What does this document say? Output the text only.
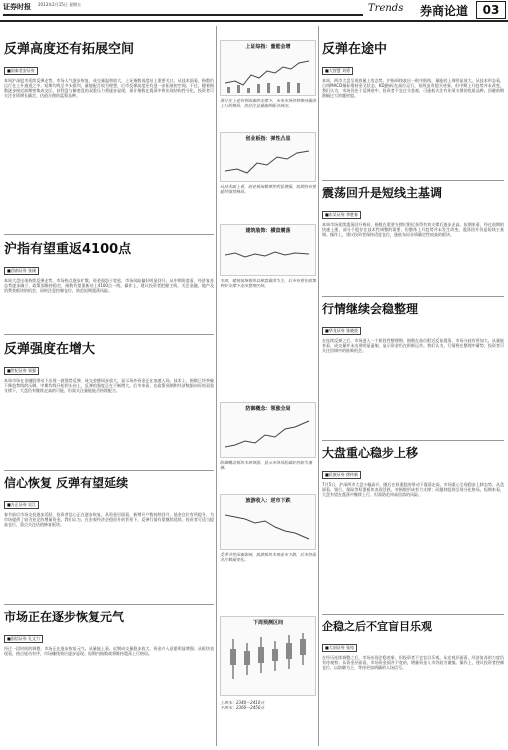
证券时报 2013年2月15日 星期五	Trends 券商论道	03
反弹高度还有拓展空间
■国泰君安证券
本周沪深股市延续反弹走势，市场人气逐步恢复，成交量温和放大，上证指数再度站上重要关口。从技术面看，指数仍运行在上升通道之中，短期均线呈多头排列，量能配合较为理想，后市反弹高度还有进一步拓展的空间。不过，随着指数逐步接近前期密集成交区，获利盘与解套盘的双重压力将逐步显现，预计指数在震荡中将出现结构性分化，投资者可关注业绩增长确定、估值合理的蓝筹品种。
沪指有望重返4100点
■西南证券 张刚
本周大盘出现持续反弹走势，市场热点逐步扩散，资金面趋于宽松，市场风险偏好明显回升。从中期角度看，经济复苏态势逐步确立，政策面维持稳定，指数有望重新站上4100点一线。操作上，建议投资者把握主线，关注金融、地产及消费类板块的机会，同时注意控制仓位，防范短期震荡风险。
反弹强度在增大
■世纪证券 邹强
本周市场在金融股带动下出现一波强势反弹，成交金额同步放大，显示场外资金正在加速入场。技术上，指数已经突破下降趋势线的压制，中期均线开始拐头向上，反弹的强度正在不断增大。后市来看，在政策预期和经济数据向好的双重支撑下，大盘仍有继续走高的可能，但需关注量能能否持续配合。
信心恢复 反弹有望延续
■方正证券 吴江
春节前后市场交投逐步活跃，投资者信心正在逐步恢复。从资金层面看，新增开户数持续回升，基金仓位有所提升，为市场提供了较为充足的增量资金。我们认为，在宏观经济企稳回升的背景下，反弹行情有望继续延续，投资者可适当提高仓位，重点关注估值修复板块。
市场正在逐步恢复元气
■国信证券 孔文力
经过一段时间的调整，市场正在逐步恢复元气。从量能上看，近期成交量稳步放大，资金介入意愿明显增强；从板块表现看，热点轮动有序，市场赚钱效应逐步显现。短期内指数或将维持震荡上行格局。
上证综指：量能会增
预计在上述有利因素的支撑下，未来市场仍将维持震荡上行的格局，但应注意量能的配合情况。
创业板指：弹性凸显
从技术面上看，创业板指数弹性明显增强，短期仍有望延续强势格局。
建筑装饰：横盘震荡
本周，建筑装饰板块以横盘震荡为主，后市有望在政策利好支撑下走出整理区间。
防御概念：领涨全局
防御概念板块本周领涨，显示市场风险偏好仍较为谨慎。
旅游收入：逆市下跌
受季节性因素影响，旅游板块本周逆市下跌，后市仍需关注数据变化。
下周预测区间
上周末：2340—2410点
下周末：2360—2450点
反弹在途中
■大智慧 刘勇
本周，两市大盘呈现放量上攻态势，沪指周线收出一根中阳线，量能较上周明显放大。从技术形态看，日线MACD指标维持金叉状态，KDJ指标在高位运行，短线虽有超买迹象，但中期上升趋势并未改变。我们认为，市场仍处于反弹途中，投资者不宜过分悲观，可逢低关注有业绩支撑的优质品种，回避前期涨幅过大的题材股。
震荡回升是短线主基调
■东吴证券 李胜春
本周市场延续震荡回升格局，指数在重要支撑位附近获得有效支撑后逐步走高。短期来看，经过前期的快速上涨，部分个股存在技术性调整的需要，但整体上升趋势并未发生改变，震荡回升仍是短线主基调。操作上，建议投资者保持适度仓位，逢低布局业绩确定性较高的板块。
行情继续会稳整理
■华龙证券 张晓贤
在连续反弹之后，市场进入一个阶段性整理期，指数在高位附近反复震荡，市场分歧有所加大。从量能来看，成交量并未出现明显萎缩，显示资金仍在积极运作。我们认为，行情将在整理中蓄势，投资者可关注回调中的低吸机会。
大盘重心稳步上移
■民族证券 徐传新
7月5日，沪深两市大盘小幅高开，随后在权重股的带动下震荡走高，市场重心呈现稳步上移态势。从盘面看，银行、保险等权重板块表现活跃，对指数形成有力支撑；而题材股则呈现分化格局。短期来看，大盘有望在震荡中继续上行，但需防范冲高回落的风险。
企稳之后不宜盲目乐观
■大同证券 张纯
在经历连续调整之后，市场出现企稳迹象，但投资者不宜盲目乐观。从宏观层面看，经济复苏的力度仍有待观察；从资金层面看，市场资金面并不宽裕，增量资金入市仍较为谨慎。操作上，建议投资者控制仓位，以防御为主，等待更加明确的入场信号。
